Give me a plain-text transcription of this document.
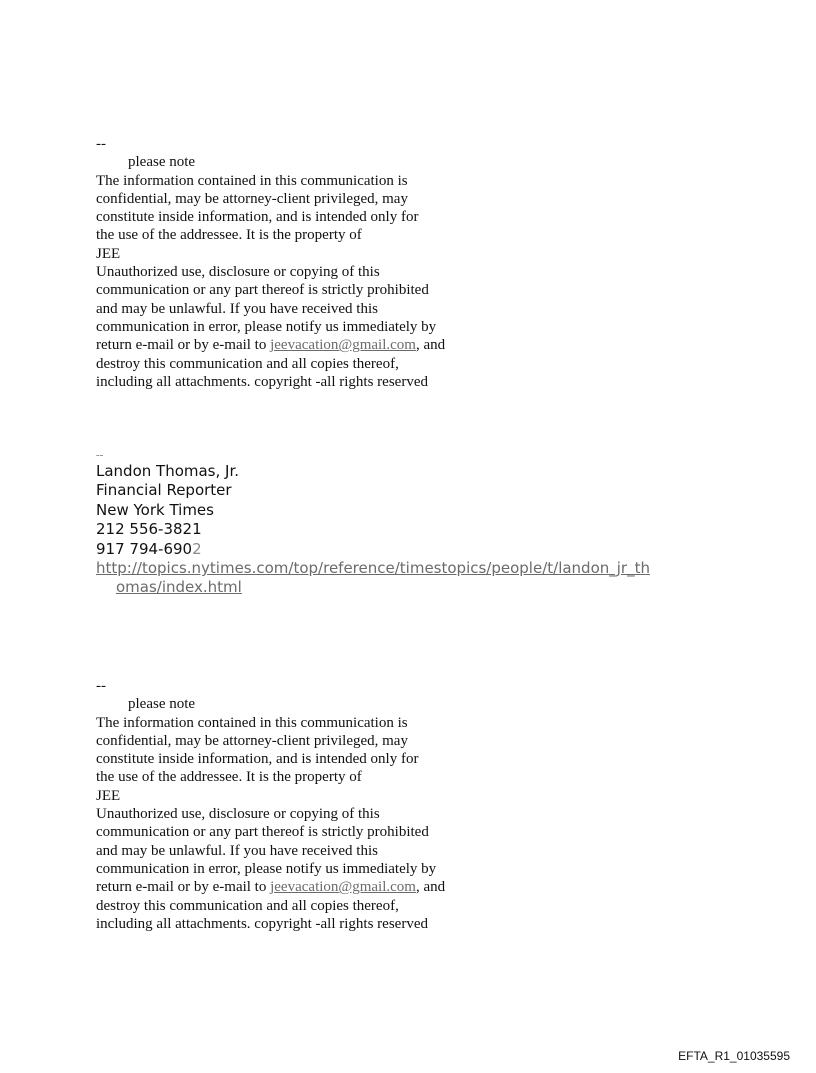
--
please note
The information contained in this communication is
confidential, may be attorney-client privileged, may
constitute inside information, and is intended only for
the use of the addressee. It is the property of
JEE
Unauthorized use, disclosure or copying of this
communication or any part thereof is strictly prohibited
and may be unlawful. If you have received this
communication in error, please notify us immediately by
return e-mail or by e-mail to jeevacation@gmail.com, and
destroy this communication and all copies thereof,
including all attachments. copyright -all rights reserved
--
Landon Thomas, Jr.
Financial Reporter
New York Times
212 556-3821
917 794-6902
http://topics.nytimes.com/top/reference/timestopics/people/t/landon_jr_th
omas/index.html
--
please note
The information contained in this communication is
confidential, may be attorney-client privileged, may
constitute inside information, and is intended only for
the use of the addressee. It is the property of
JEE
Unauthorized use, disclosure or copying of this
communication or any part thereof is strictly prohibited
and may be unlawful. If you have received this
communication in error, please notify us immediately by
return e-mail or by e-mail to jeevacation@gmail.com, and
destroy this communication and all copies thereof,
including all attachments. copyright -all rights reserved
EFTA_R1_01035595
